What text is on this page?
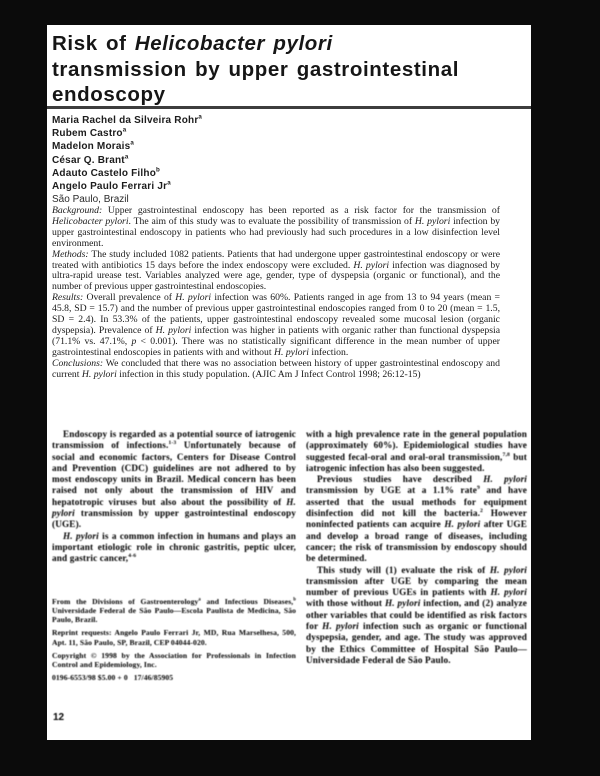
Risk of Helicobacter pylori

transmission by upper gastrointestinal

endoscopy

Maria Rachel da Silveira Rohr$^a$

Rubem Castro$^a$

Madelon Morais$^a$

César Q. Brant$^a$

Adauto Castelo Filho$^b$

Angelo Paulo Ferrari Jr$^a$

São Paulo, Brazil

Background: Upper gastrointestinal endoscopy has been reported as a risk factor for the transmission of Helicobacter pylori. The aim of this study was to evaluate the possibility of transmission of H. pylori infection by upper gastrointestinal endoscopy in patients who had previously had such procedures in a low disinfection level environment.

Methods: The study included 1082 patients. Patients that had undergone upper gastrointestinal endoscopy or were treated with antibiotics 15 days before the index endoscopy were excluded. H. pylori infection was diagnosed by ultra-rapid urease test. Variables analyzed were age, gender, type of dyspepsia (organic or functional), and the number of previous upper gastrointestinal endoscopies.

Results: Overall prevalence of H. pylori infection was 60%. Patients ranged in age from 13 to 94 years (mean = 45.8, SD = 15.7) and the number of previous upper gastrointestinal endoscopies ranged from 0 to 20 (mean = 1.5, SD = 2.4). In 53.3% of the patients, upper gastrointestinal endoscopy revealed some mucosal lesion (organic dyspepsia). Prevalence of H. pylori infection was higher in patients with organic rather than functional dyspepsia (71.1% vs. 47.1%, p < 0.001). There was no statistically significant difference in the mean number of upper gastrointestinal endoscopies in patients with and without H. pylori infection.

Conclusions: We concluded that there was no association between history of upper gastrointestinal endoscopy and current H. pylori infection in this study population. (AJIC Am J Infect Control 1998; 26:12-15)

Endoscopy is regarded as a potential source of iatrogenic transmission of infections.$^{1-3}$ Unfortunately because of social and economic factors, Centers for Disease Control and Prevention (CDC) guidelines are not adhered to by most endoscopy units in Brazil. Medical concern has been raised not only about the transmission of HIV and hepatotropic viruses but also about the possibility of H. pylori transmission by upper gastrointestinal endoscopy (UGE).

H. pylori is a common infection in humans and plays an important etiologic role in chronic gastritis, peptic ulcer, and gastric cancer,$^{4-6}$

From the Divisions of Gastroenterology$^a$ and Infectious Diseases,$^b$ Universidade Federal de São Paulo—Escola Paulista de Medicina, São Paulo, Brazil.

Reprint requests: Angelo Paulo Ferrari Jr, MD, Rua Marselhesa, 500, Apt. 11, São Paulo, SP, Brazil, CEP 04044-020.

Copyright © 1998 by the Association for Professionals in Infection Control and Epidemiology, Inc.

0196-6553/98 $5.00 + 0   17/46/85905

with a high prevalence rate in the general population (approximately 60%). Epidemiological studies have suggested fecal-oral and oral-oral transmission,$^{7,8}$ but iatrogenic infection has also been suggested.

Previous studies have described H. pylori transmission by UGE at a 1.1% rate$^9$ and have asserted that the usual methods for equipment disinfection did not kill the bacteria.$^2$ However noninfected patients can acquire H. pylori after UGE and develop a broad range of diseases, including cancer; the risk of transmission by endoscopy should be determined.

This study will (1) evaluate the risk of H. pylori transmission after UGE by comparing the mean number of previous UGEs in patients with H. pylori with those without H. pylori infection, and (2) analyze other variables that could be identified as risk factors for H. pylori infection such as organic or functional dyspepsia, gender, and age. The study was approved by the Ethics Committee of Hospital São Paulo—Universidade Federal de São Paulo.

12
